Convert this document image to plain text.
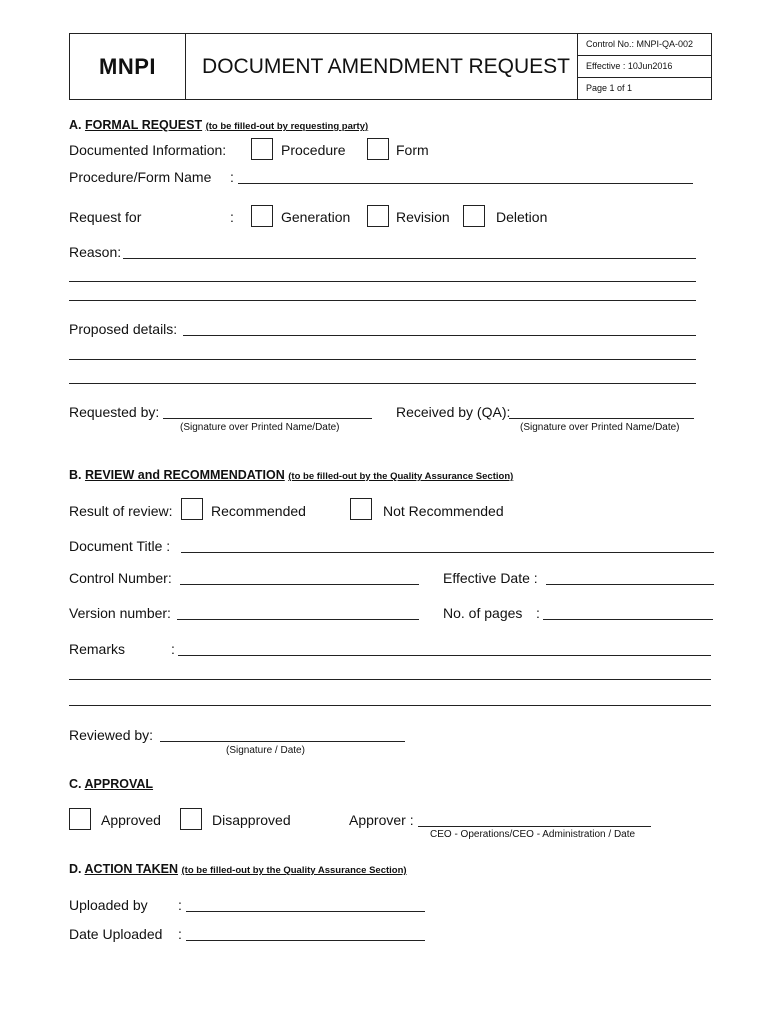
MNPI	DOCUMENT AMENDMENT REQUEST
Control No.: MNPI-QA-002
Effective : 10Jun2016
Page 1 of 1
A. FORMAL REQUEST (to be filled-out by requesting party)
Documented Information:	Procedure	Form
Procedure/Form Name :
Request for	:	Generation	Revision	Deletion
Reason:
Proposed details:
Requested by:
(Signature over Printed Name/Date)
Received by (QA):
(Signature over Printed Name/Date)
B. REVIEW and RECOMMENDATION (to be filled-out by the Quality Assurance Section)
Result of review:	Recommended	Not Recommended
Document Title :
Control Number:	Effective Date :
Version number:	No. of pages :
Remarks	:
Reviewed by:
(Signature / Date)
C. APPROVAL
Approved	Disapproved	Approver :
CEO - Operations/CEO - Administration / Date
D. ACTION TAKEN (to be filled-out by the Quality Assurance Section)
Uploaded by :
Date Uploaded :
